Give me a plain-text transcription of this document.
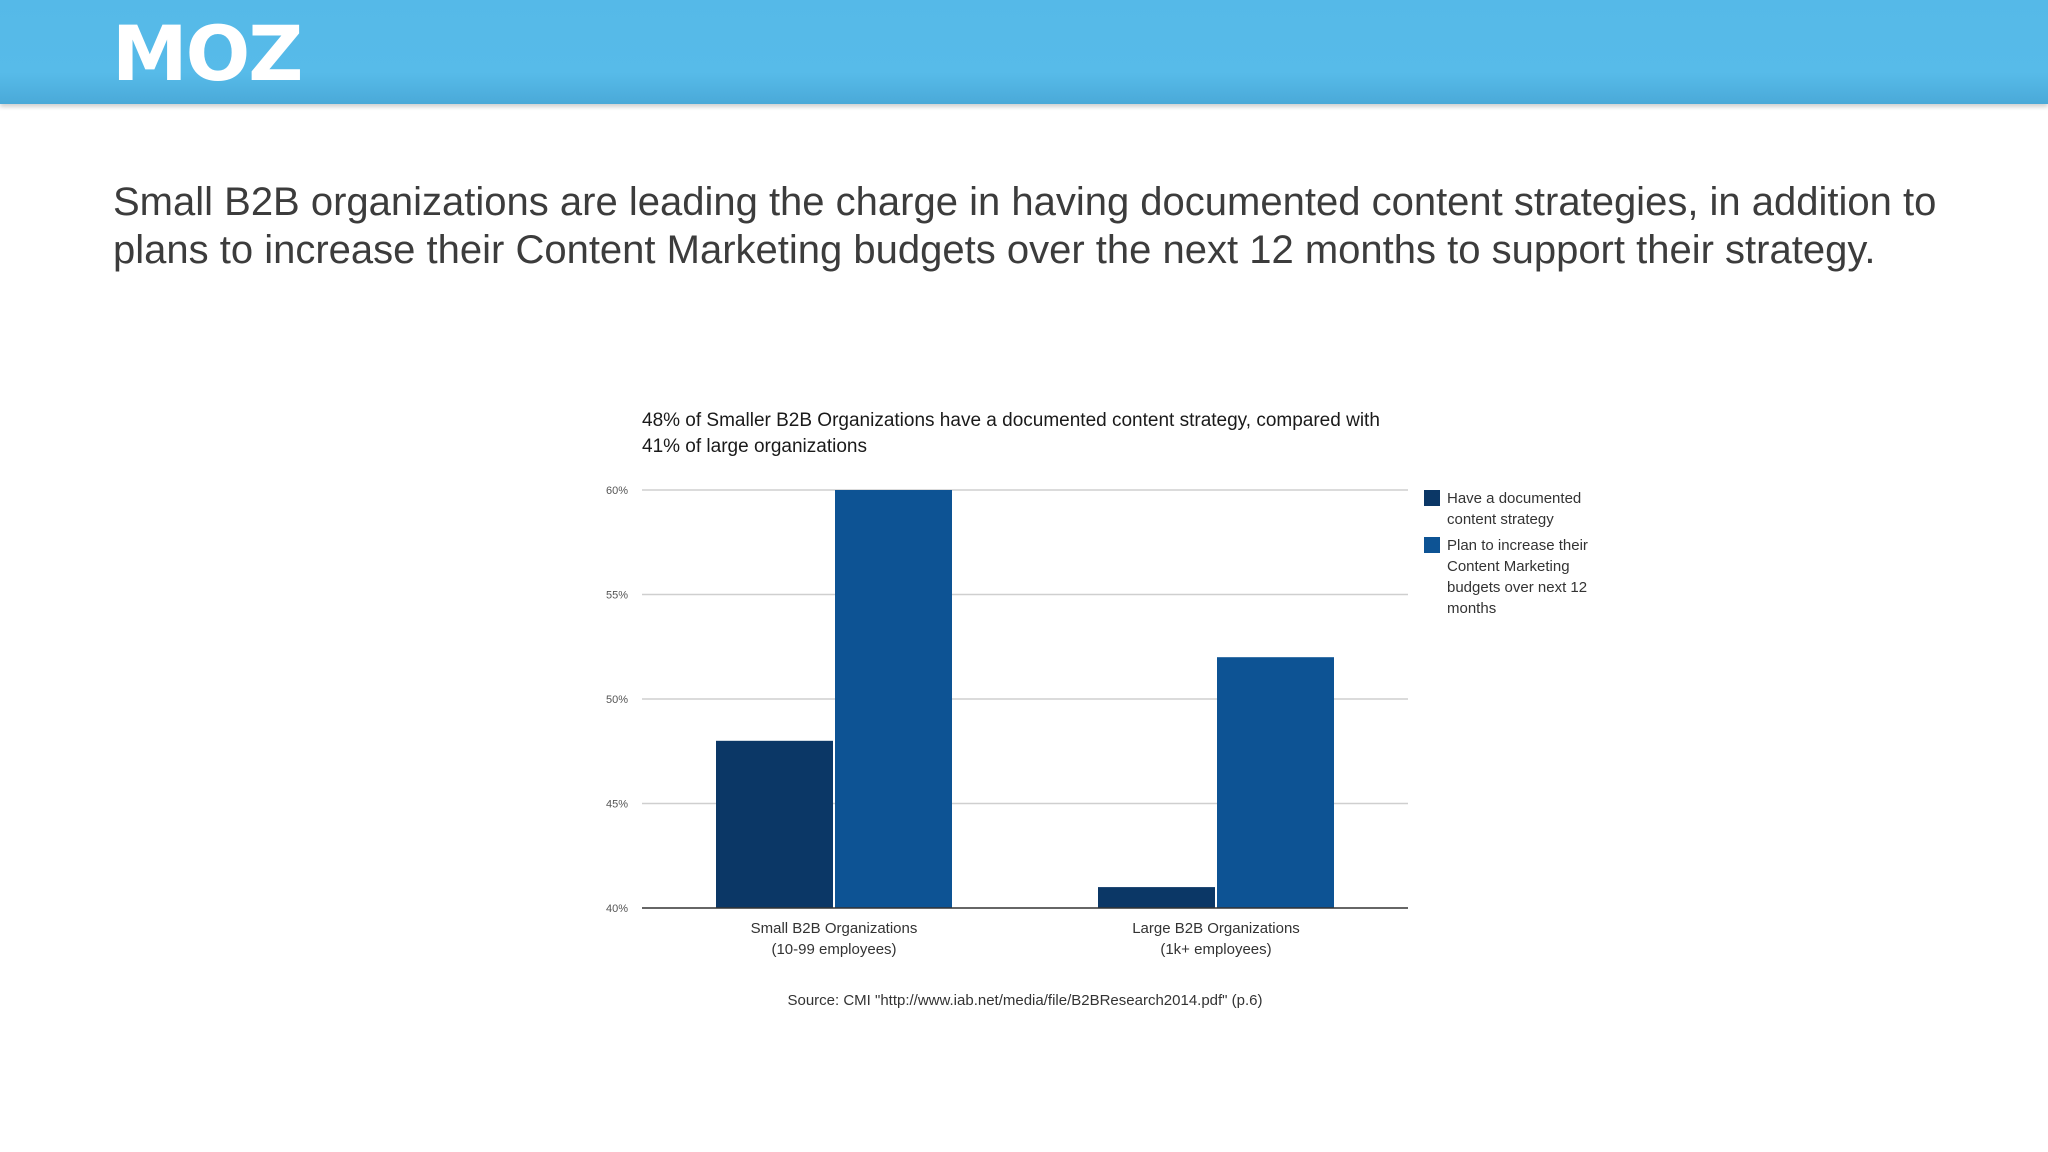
MOZ
Small B2B organizations are leading the charge in having documented content strategies, in addition to plans to increase their Content Marketing budgets over the next 12 months to support their strategy.
48% of Smaller B2B Organizations have a documented content strategy, compared with
41% of large organizations
40%
45%
50%
55%
60%
Small B2B Organizations
(10-99 employees)
Large B2B Organizations
(1k+ employees)
Have a documented
content strategy
Plan to increase their
Content Marketing
budgets over next 12
months
Source: CMI "http://www.iab.net/media/file/B2BResearch2014.pdf" (p.6)
